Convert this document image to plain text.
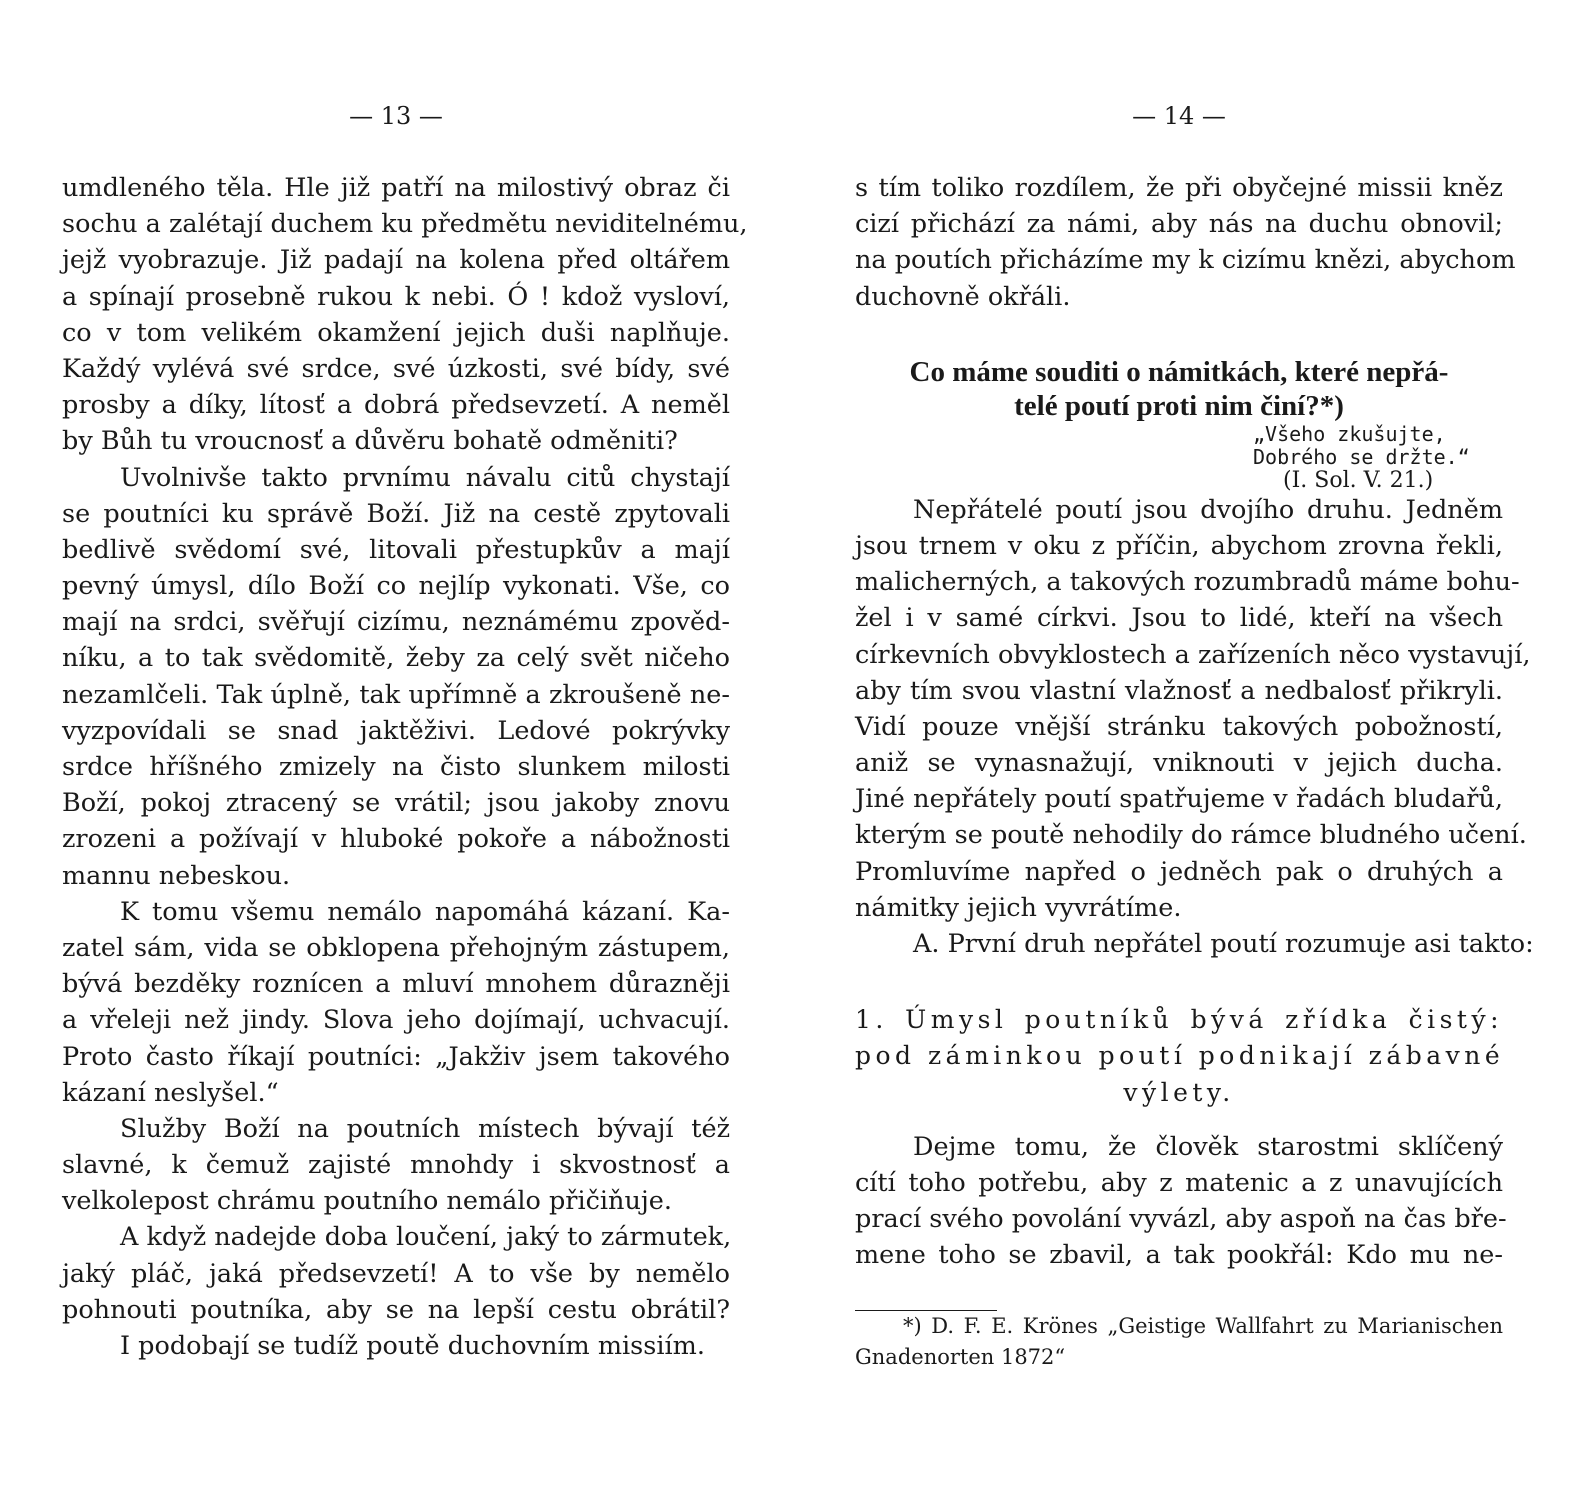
— 13 —
umdleného těla. Hle již patří na milostivý obraz či
sochu a zalétají duchem ku předmětu neviditelnému,
jejž vyobrazuje. Již padají na kolena před oltářem
a spínají prosebně rukou k nebi. Ó ! kdož vysloví,
co v tom velikém okamžení jejich duši naplňuje.
Každý vylévá své srdce, své úzkosti, své bídy, své
prosby a díky, lítosť a dobrá předsevzetí. A neměl
by Bůh tu vroucnosť a důvěru bohatě odměniti?
Uvolnivše takto prvnímu návalu citů chystají
se poutníci ku správě Boží. Již na cestě zpytovali
bedlivě svědomí své, litovali přestupkův a mají
pevný úmysl, dílo Boží co nejlíp vykonati. Vše, co
mají na srdci, svěřují cizímu, neznámému zpověd-
níku, a to tak svědomitě, žeby za celý svět ničeho
nezamlčeli. Tak úplně, tak upřímně a zkroušeně ne-
vyzpovídali se snad jaktěživi. Ledové pokrývky
srdce hříšného zmizely na čisto slunkem milosti
Boží, pokoj ztracený se vrátil; jsou jakoby znovu
zrozeni a požívají v hluboké pokoře a nábožnosti
mannu nebeskou.
K tomu všemu nemálo napomáhá kázaní. Ka-
zatel sám, vida se obklopena přehojným zástupem,
bývá bezděky roznícen a mluví mnohem důrazněji
a vřeleji než jindy. Slova jeho dojímají, uchvacují.
Proto často říkají poutníci: „Jakživ jsem takového
kázaní neslyšel.“
Služby Boží na poutních místech bývají též
slavné, k čemuž zajisté mnohdy i skvostnosť a
velkolepost chrámu poutního nemálo přičiňuje.
A když nadejde doba loučení, jaký to zármutek,
jaký pláč, jaká předsevzetí! A to vše by nemělo
pohnouti poutníka, aby se na lepší cestu obrátil?
I podobají se tudíž poutě duchovním missiím.
— 14 —
s tím toliko rozdílem, že při obyčejné missii kněz
cizí přichází za námi, aby nás na duchu obnovil;
na poutích přicházíme my k cizímu knězi, abychom
duchovně okřáli.
Co máme souditi o námitkách, které nepřá-
telé poutí proti nim činí?*)
„Všeho zkušujte,
Dobrého se držte.“
(I. Sol. V. 21.)
Nepřátelé poutí jsou dvojího druhu. Jedněm
jsou trnem v oku z příčin, abychom zrovna řekli,
malicherných, a takových rozumbradů máme bohu-
žel i v samé církvi. Jsou to lidé, kteří na všech
církevních obvyklostech a zařízeních něco vystavují,
aby tím svou vlastní vlažnosť a nedbalosť přikryli.
Vidí pouze vnější stránku takových pobožností,
aniž se vynasnažují, vniknouti v jejich ducha.
Jiné nepřátely poutí spatřujeme v řadách bludařů,
kterým se poutě nehodily do rámce bludného učení.
Promluvíme napřed o jedněch pak o druhých a
námitky jejich vyvrátíme.
A. První druh nepřátel poutí rozumuje asi takto:
1. Úmysl poutníků bývá zřídka čistý:
pod záminkou poutí podnikají zábavné
výlety.
Dejme tomu, že člověk starostmi sklíčený
cítí toho potřebu, aby z matenic a z unavujících
prací svého povolání vyvázl, aby aspoň na čas bře-
mene toho se zbavil, a tak pookřál: Kdo mu ne-
*) D. F. E. Krönes „Geistige Wallfahrt zu Marianischen
Gnadenorten 1872“
